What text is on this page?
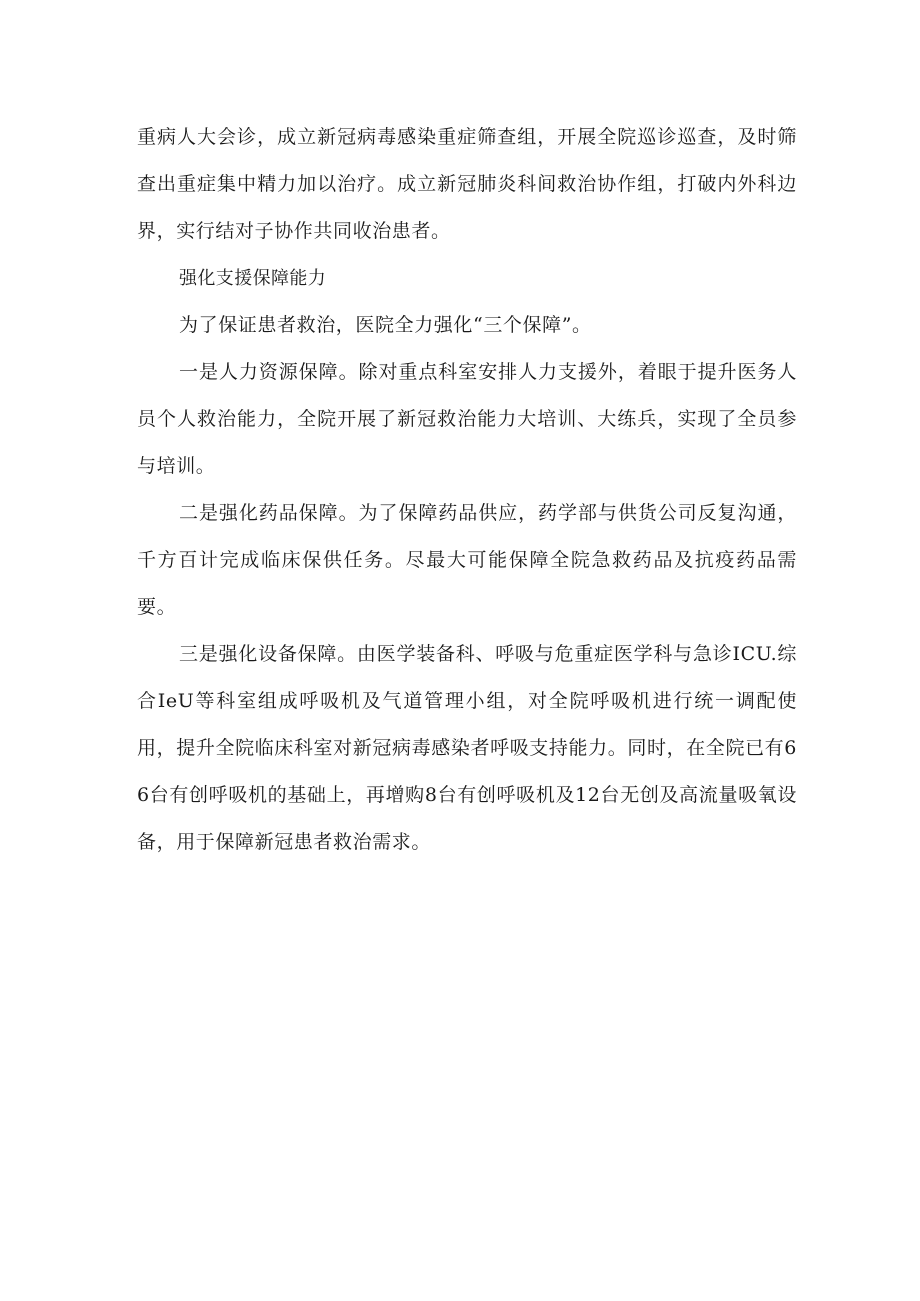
重病人大会诊，成立新冠病毒感染重症筛查组，开展全院巡诊巡查，及时筛查出重症集中精力加以治疗。成立新冠肺炎科间救治协作组，打破内外科边界，实行结对子协作共同收治患者。

强化支援保障能力

为了保证患者救治，医院全力强化“三个保障”。

一是人力资源保障。除对重点科室安排人力支援外，着眼于提升医务人员个人救治能力，全院开展了新冠救治能力大培训、大练兵，实现了全员参与培训。

二是强化药品保障。为了保障药品供应，药学部与供货公司反复沟通，千方百计完成临床保供任务。尽最大可能保障全院急救药品及抗疫药品需要。

三是强化设备保障。由医学装备科、呼吸与危重症医学科与急诊ICU.综合IeU等科室组成呼吸机及气道管理小组，对全院呼吸机进行统一调配使用，提升全院临床科室对新冠病毒感染者呼吸支持能力。同时，在全院已有66台有创呼吸机的基础上，再增购8台有创呼吸机及12台无创及高流量吸氧设备，用于保障新冠患者救治需求。
